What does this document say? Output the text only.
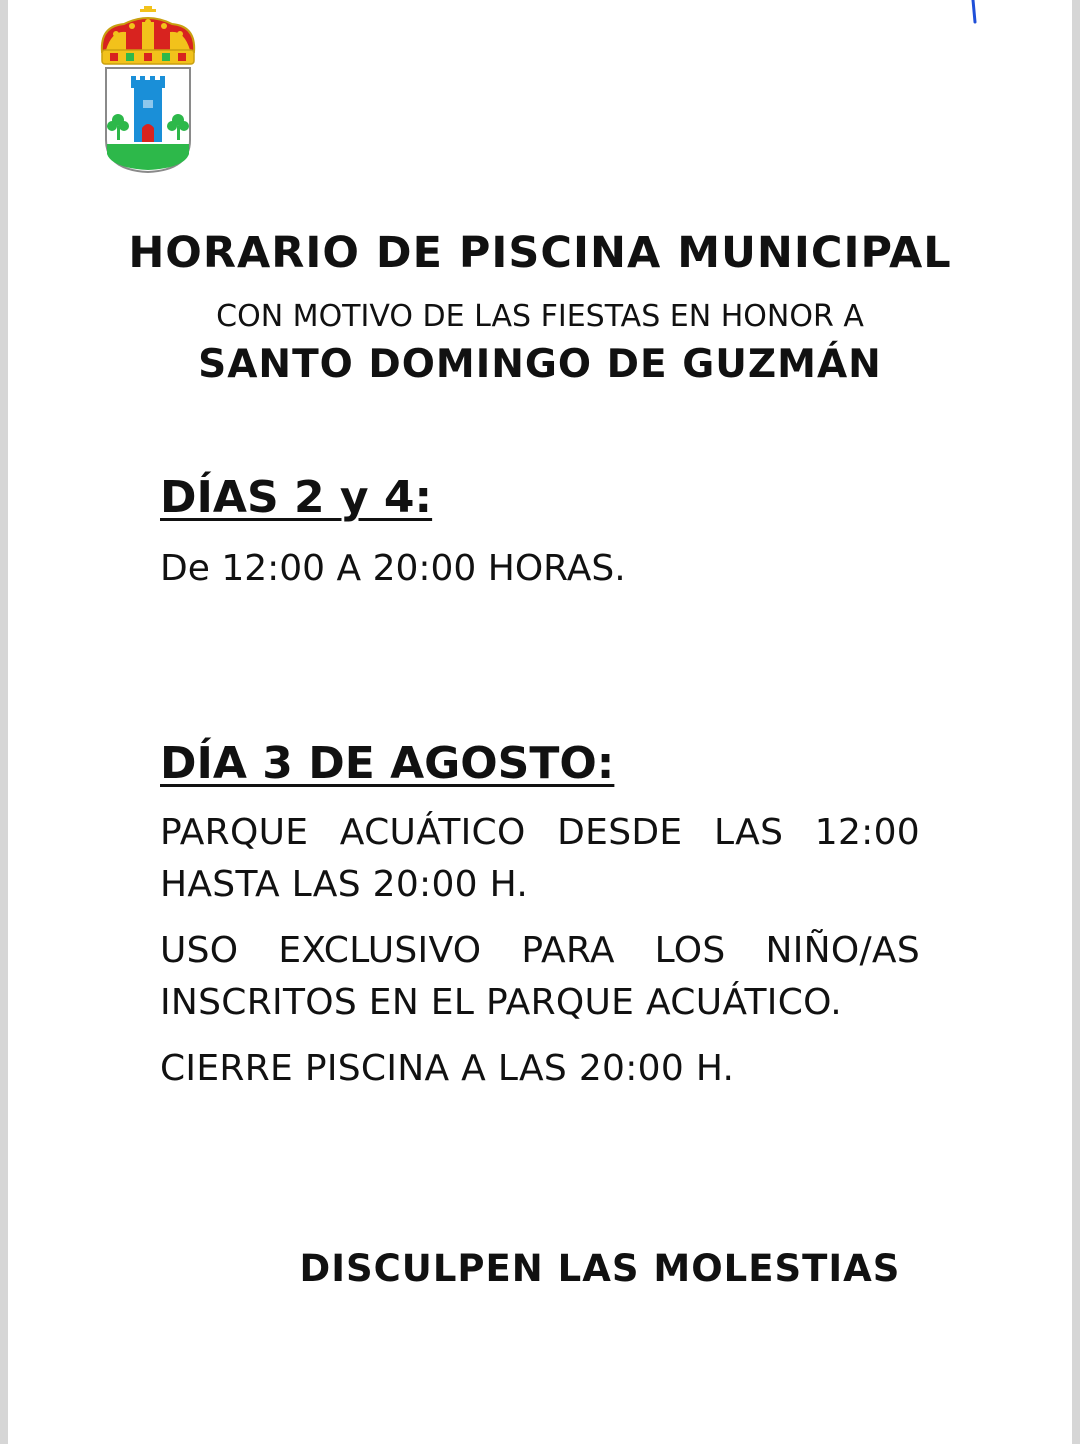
HORARIO DE PISCINA MUNICIPAL
CON MOTIVO DE LAS FIESTAS EN HONOR A
SANTO DOMINGO DE GUZMÁN
DÍAS 2 y 4:
De 12:00 A 20:00 HORAS.
DÍA 3 DE AGOSTO:
PARQUE ACUÁTICO DESDE LAS 12:00 HASTA LAS 20:00 H.
USO EXCLUSIVO PARA LOS NIÑO/AS INSCRITOS EN EL PARQUE ACUÁTICO.
CIERRE PISCINA A LAS 20:00 H.
DISCULPEN LAS MOLESTIAS
